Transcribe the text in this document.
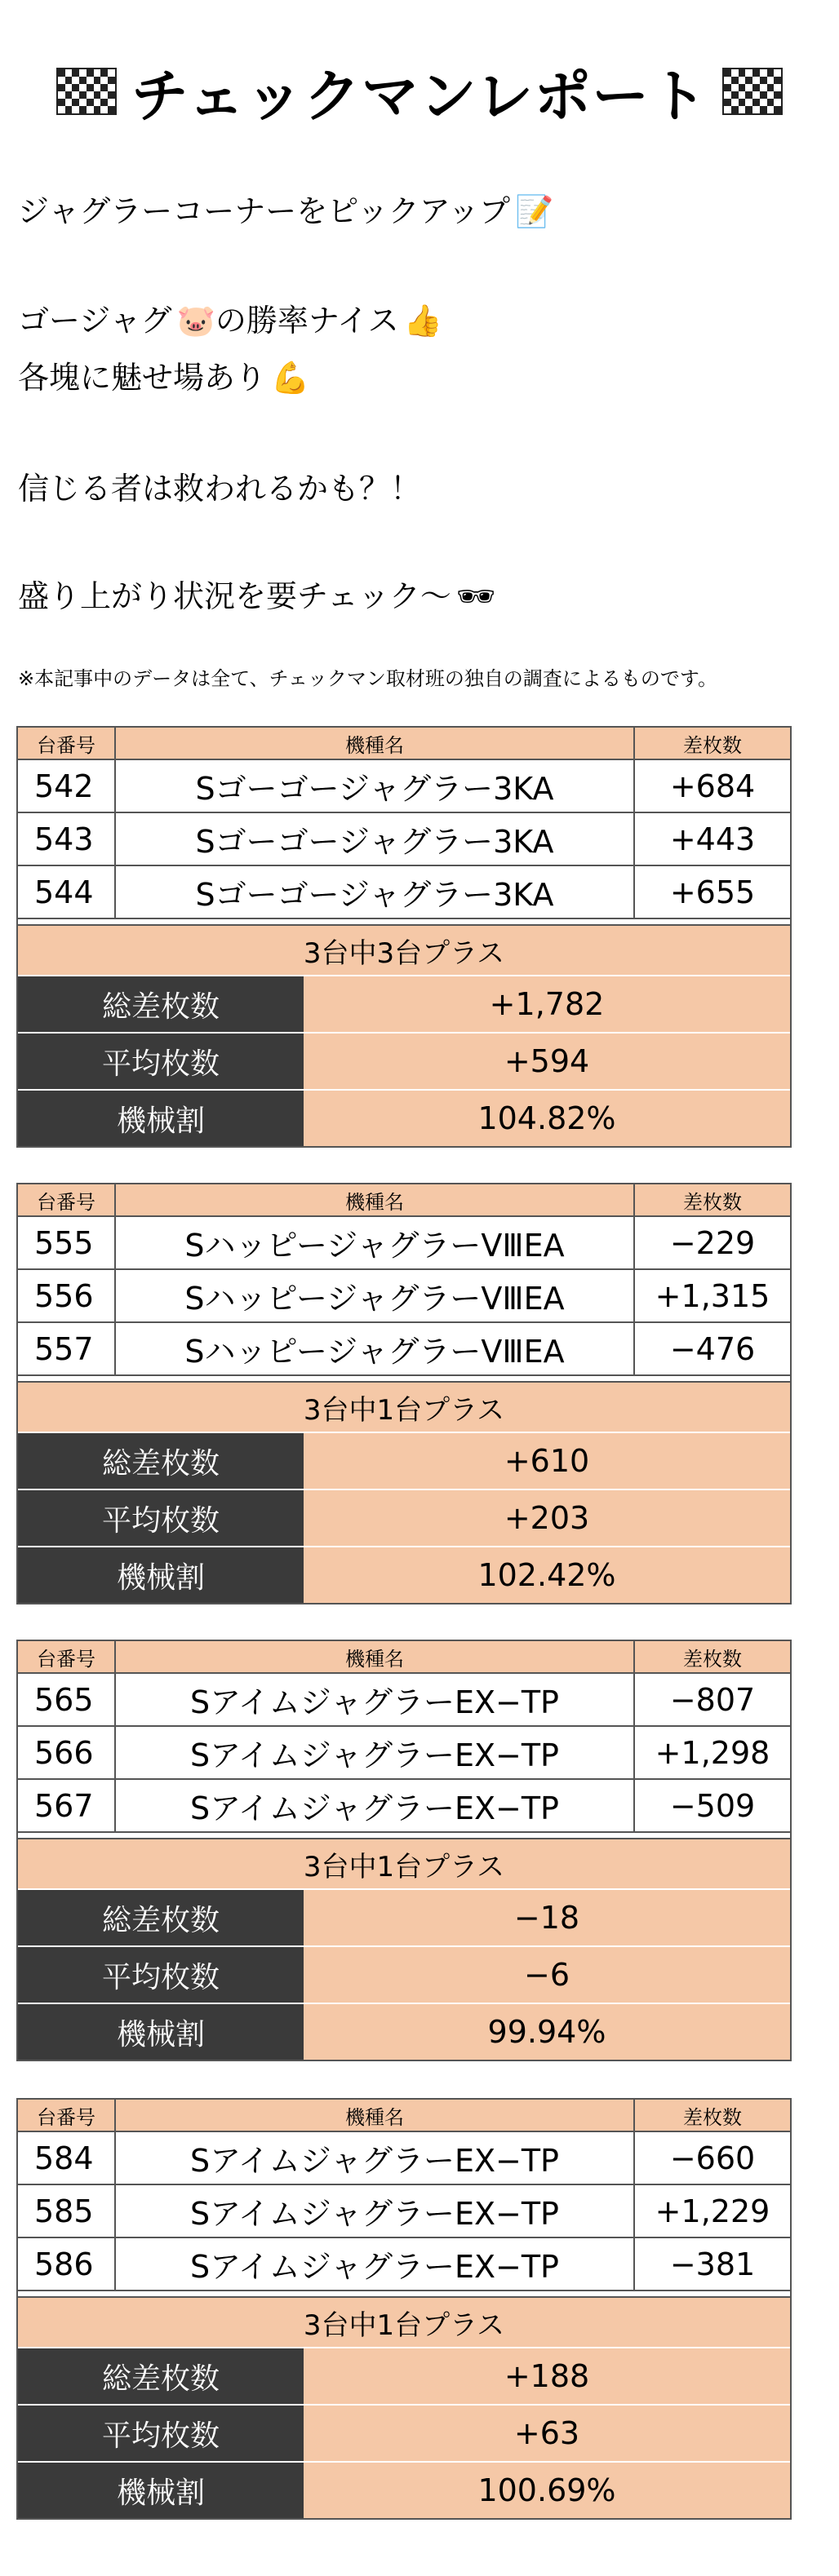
チェックマンレポート
ジャグラーコーナーをピックアップ 📝
ゴージャグ 🐷の勝率ナイス 👍
各塊に魅せ場あり 💪
信じる者は救われるかも？！
盛り上がり状況を要チェック〜 🕶
※本記事中のデータは全て、チェックマン取材班の独自の調査によるものです。
台番号	機種名	差枚数
542	Sゴーゴージャグラー3KA	+684
543	Sゴーゴージャグラー3KA	+443
544	Sゴーゴージャグラー3KA	+655
3台中3台プラス
総差枚数	+1,782
平均枚数	+594
機械割	104.82%
台番号	機種名	差枚数
555	SハッピージャグラーVⅢEA	−229
556	SハッピージャグラーVⅢEA	+1,315
557	SハッピージャグラーVⅢEA	−476
3台中1台プラス
総差枚数	+610
平均枚数	+203
機械割	102.42%
台番号	機種名	差枚数
565	SアイムジャグラーEX−TP	−807
566	SアイムジャグラーEX−TP	+1,298
567	SアイムジャグラーEX−TP	−509
3台中1台プラス
総差枚数	−18
平均枚数	−6
機械割	99.94%
台番号	機種名	差枚数
584	SアイムジャグラーEX−TP	−660
585	SアイムジャグラーEX−TP	+1,229
586	SアイムジャグラーEX−TP	−381
3台中1台プラス
総差枚数	+188
平均枚数	+63
機械割	100.69%
